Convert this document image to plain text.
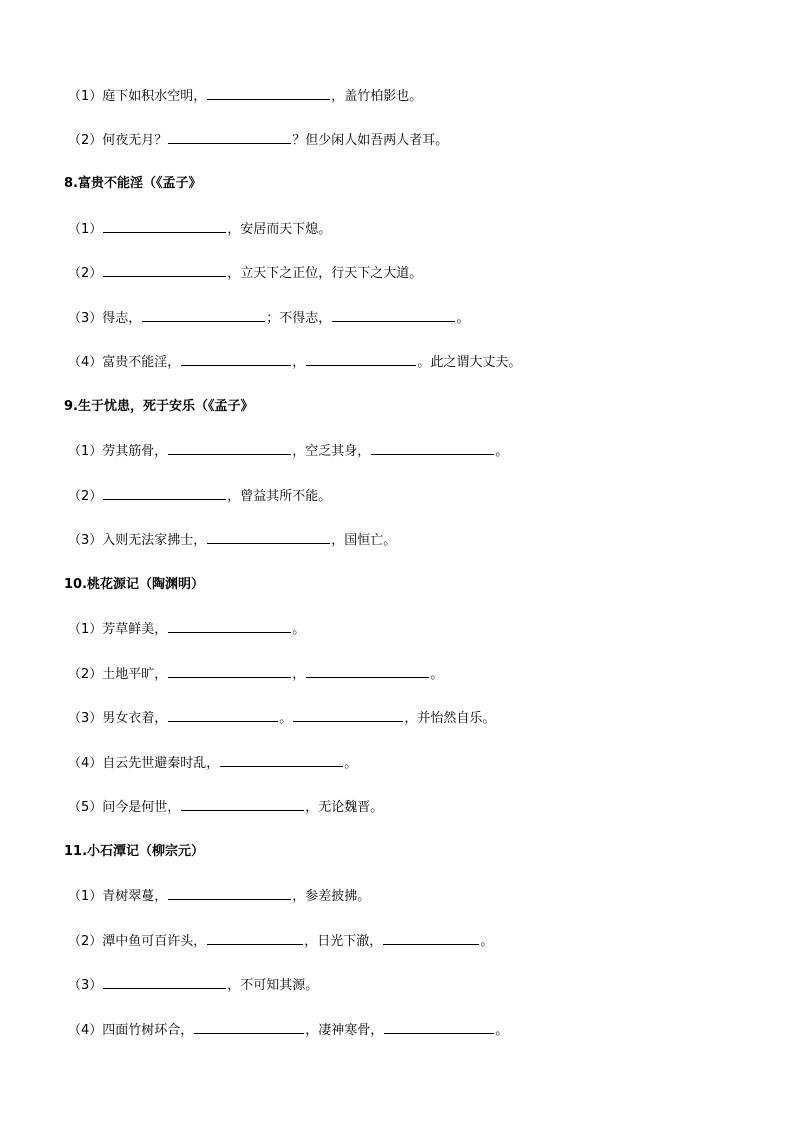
（1）庭下如积水空明，	，盖竹柏影也。
（2）何夜无月？	？但少闲人如吾两人者耳。
8.富贵不能淫（《孟子》
（1）	，安居而天下熄。
（2）	，立天下之正位，行天下之大道。
（3）得志，	；不得志，	。
（4）富贵不能淫，	，	。此之谓大丈夫。
9.生于忧患，死于安乐（《孟子》
（1）劳其筋骨，	，空乏其身，	。
（2）	，曾益其所不能。
（3）入则无法家拂士，	，国恒亡。
10.桃花源记（陶渊明）
（1）芳草鲜美，	。
（2）土地平旷，	，	。
（3）男女衣着，	。	，并怡然自乐。
（4）自云先世避秦时乱，	。
（5）问今是何世，	，无论魏晋。
11.小石潭记（柳宗元）
（1）青树翠蔓，	，参差披拂。
（2）潭中鱼可百许头，	，日光下澈，	。
（3）	，不可知其源。
（4）四面竹树环合，	，凄神寒骨，	。
